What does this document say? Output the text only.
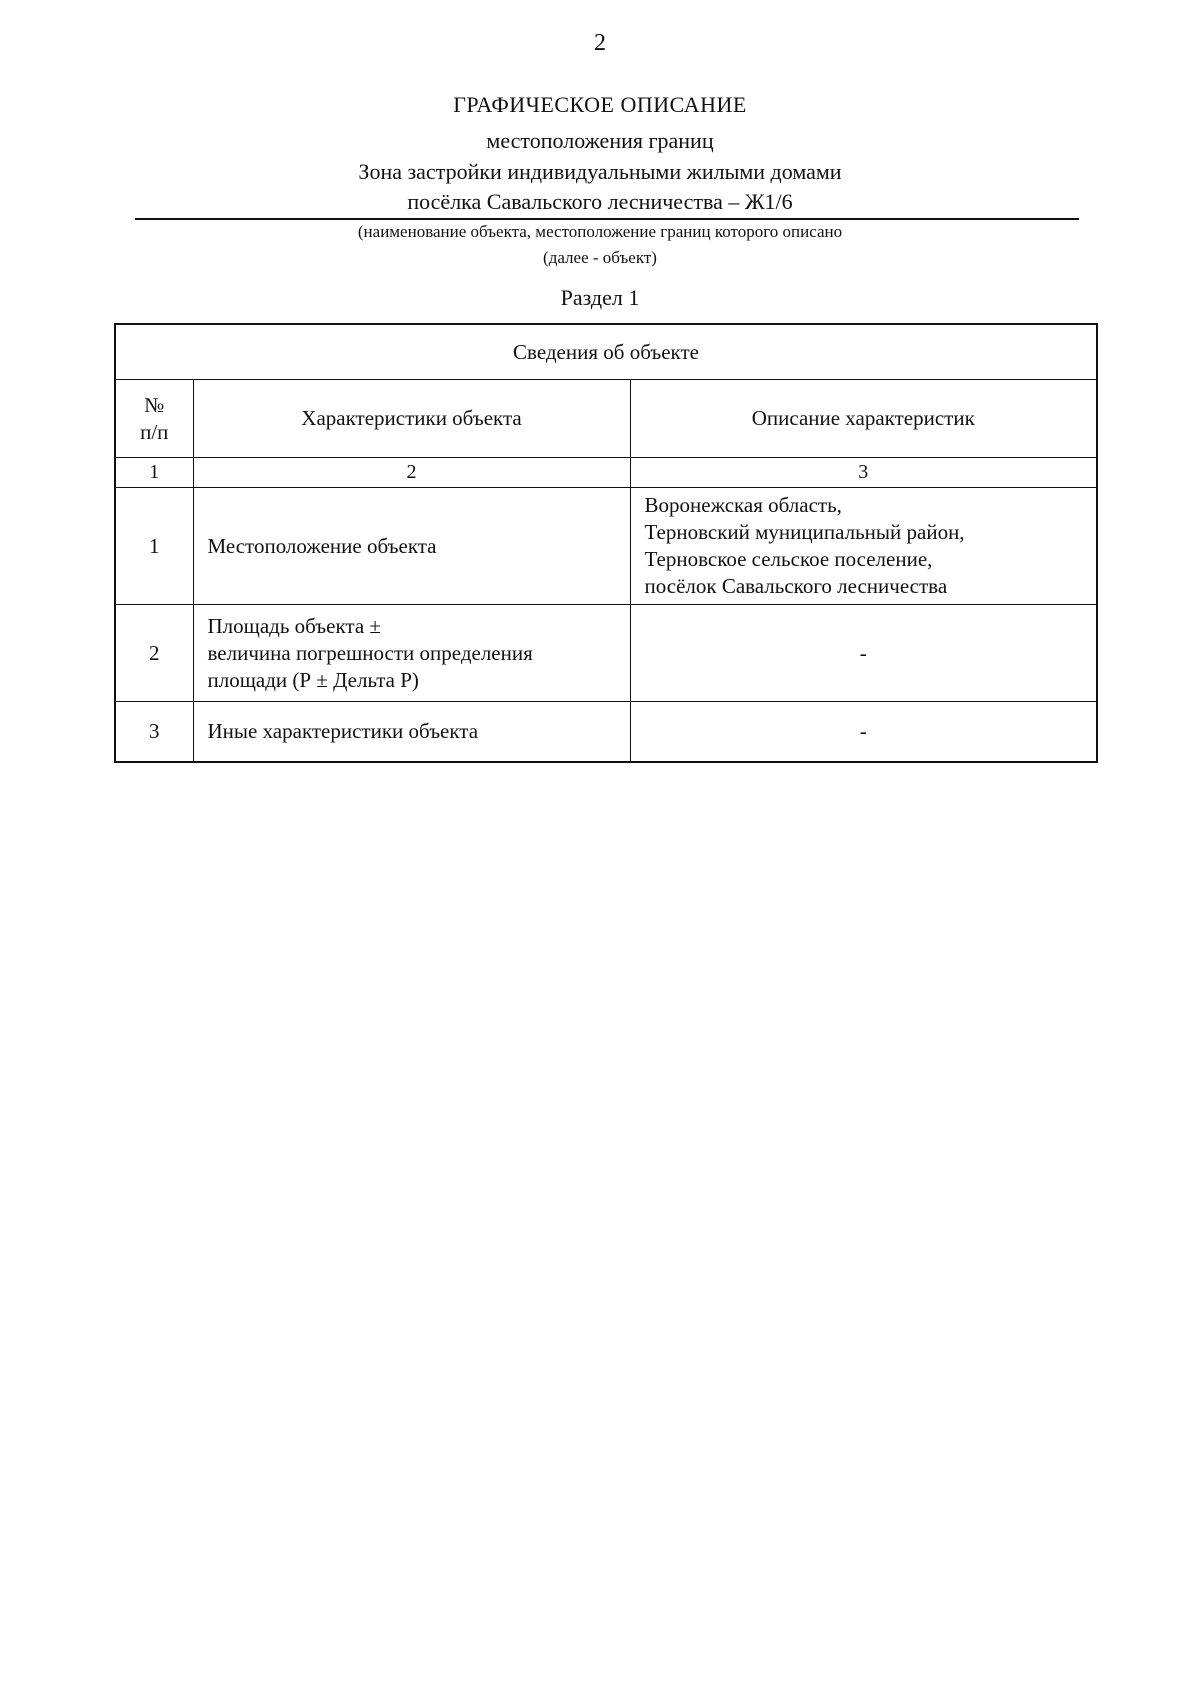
2
ГРАФИЧЕСКОЕ ОПИСАНИЕ
местоположения границ
Зона застройки индивидуальными жилыми домами
посёлка Савальского лесничества – Ж1/6
(наименование объекта, местоположение границ которого описано
(далее - объект)
Раздел 1
Сведения об объекте		

№
п/п	Характеристики объекта	Описание характеристик
1	2	3
1	Местоположение объекта	Воронежская область,
Терновский муниципальный район,
Терновское сельское поселение,
посёлок Савальского лесничества

2	Площадь объекта ±
величина погрешности определения
площади (Р ± Дельта Р)	-
3	Иные характеристики объекта	-
